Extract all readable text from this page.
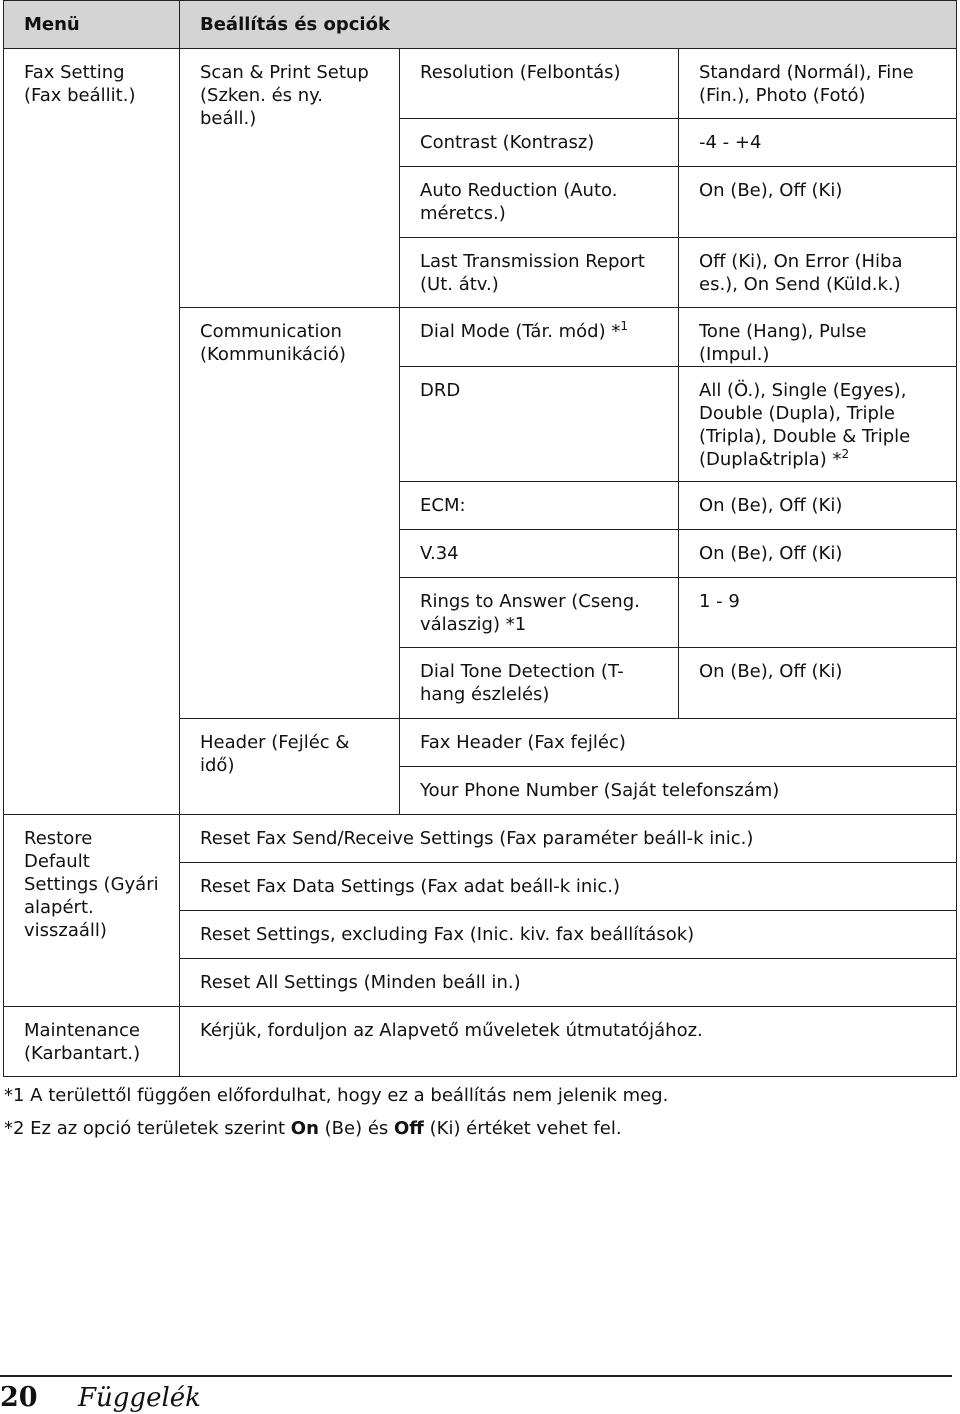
Menü	Beállítás és opciók		
Fax Setting (Fax beállit.)	Scan & Print Setup (Szken. és ny. beáll.)	Resolution (Felbontás)	Standard (Normál), Fine (Fin.), Photo (Fotó)
		Contrast (Kontrasz)	-4 - +4
		Auto Reduction (Auto. méretcs.)	On (Be), Off (Ki)
		Last Transmission Report (Ut. átv.)	Off (Ki), On Error (Hiba es.), On Send (Küld.k.)
	Communication (Kommunikáció)	Dial Mode (Tár. mód) *$^1$	Tone (Hang), Pulse (Impul.)
		DRD	All (Ö.), Single (Egyes), Double (Dupla), Triple (Tripla), Double & Triple (Dupla&tripla) *$^2$
		ECM:	On (Be), Off (Ki)
		V.34	On (Be), Off (Ki)
		Rings to Answer (Cseng. válaszig) *1	1 - 9
		Dial Tone Detection (T-hang észlelés)	On (Be), Off (Ki)

	Header (Fejléc & idő)	Fax Header (Fax fejléc)	
		Your Phone Number (Saját telefonszám)	

Restore Default Settings (Gyári alapért. visszaáll)	Reset Fax Send/Receive Settings (Fax paraméter beáll-k inic.)		
	Reset Fax Data Settings (Fax adat beáll-k inic.)		
	Reset Settings, excluding Fax (Inic. kiv. fax beállítások)		
	Reset All Settings (Minden beáll in.)		
Maintenance (Karbantart.)	Kérjük, forduljon az Alapvető műveletek útmutatójához.		
*1 A területtől függően előfordulhat, hogy ez a beállítás nem jelenik meg.
*2 Ez az opció területek szerint On (Be) és Off (Ki) értéket vehet fel.
20 Függelék
